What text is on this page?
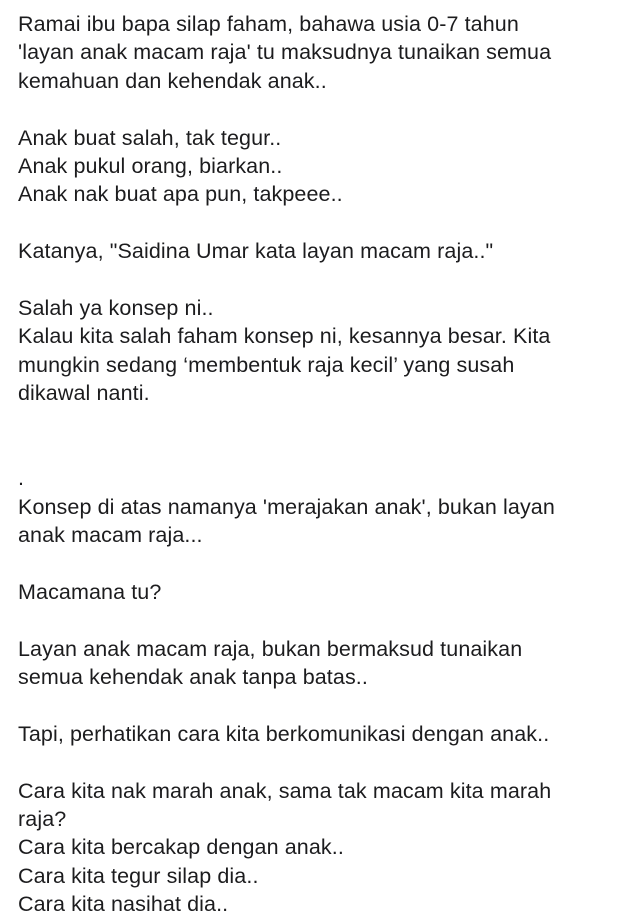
Ramai ibu bapa silap faham, bahawa usia 0-7 tahun
'layan anak macam raja' tu maksudnya tunaikan semua
kemahuan dan kehendak anak..
Anak buat salah, tak tegur..
Anak pukul orang, biarkan..
Anak nak buat apa pun, takpeee..
Katanya, "Saidina Umar kata layan macam raja.."
Salah ya konsep ni..
Kalau kita salah faham konsep ni, kesannya besar. Kita
mungkin sedang ‘membentuk raja kecil’ yang susah
dikawal nanti.
.
Konsep di atas namanya 'merajakan anak', bukan layan
anak macam raja...
Macamana tu?
Layan anak macam raja, bukan bermaksud tunaikan
semua kehendak anak tanpa batas..
Tapi, perhatikan cara kita berkomunikasi dengan anak..
Cara kita nak marah anak, sama tak macam kita marah
raja?
Cara kita bercakap dengan anak..
Cara kita tegur silap dia..
Cara kita nasihat dia..
